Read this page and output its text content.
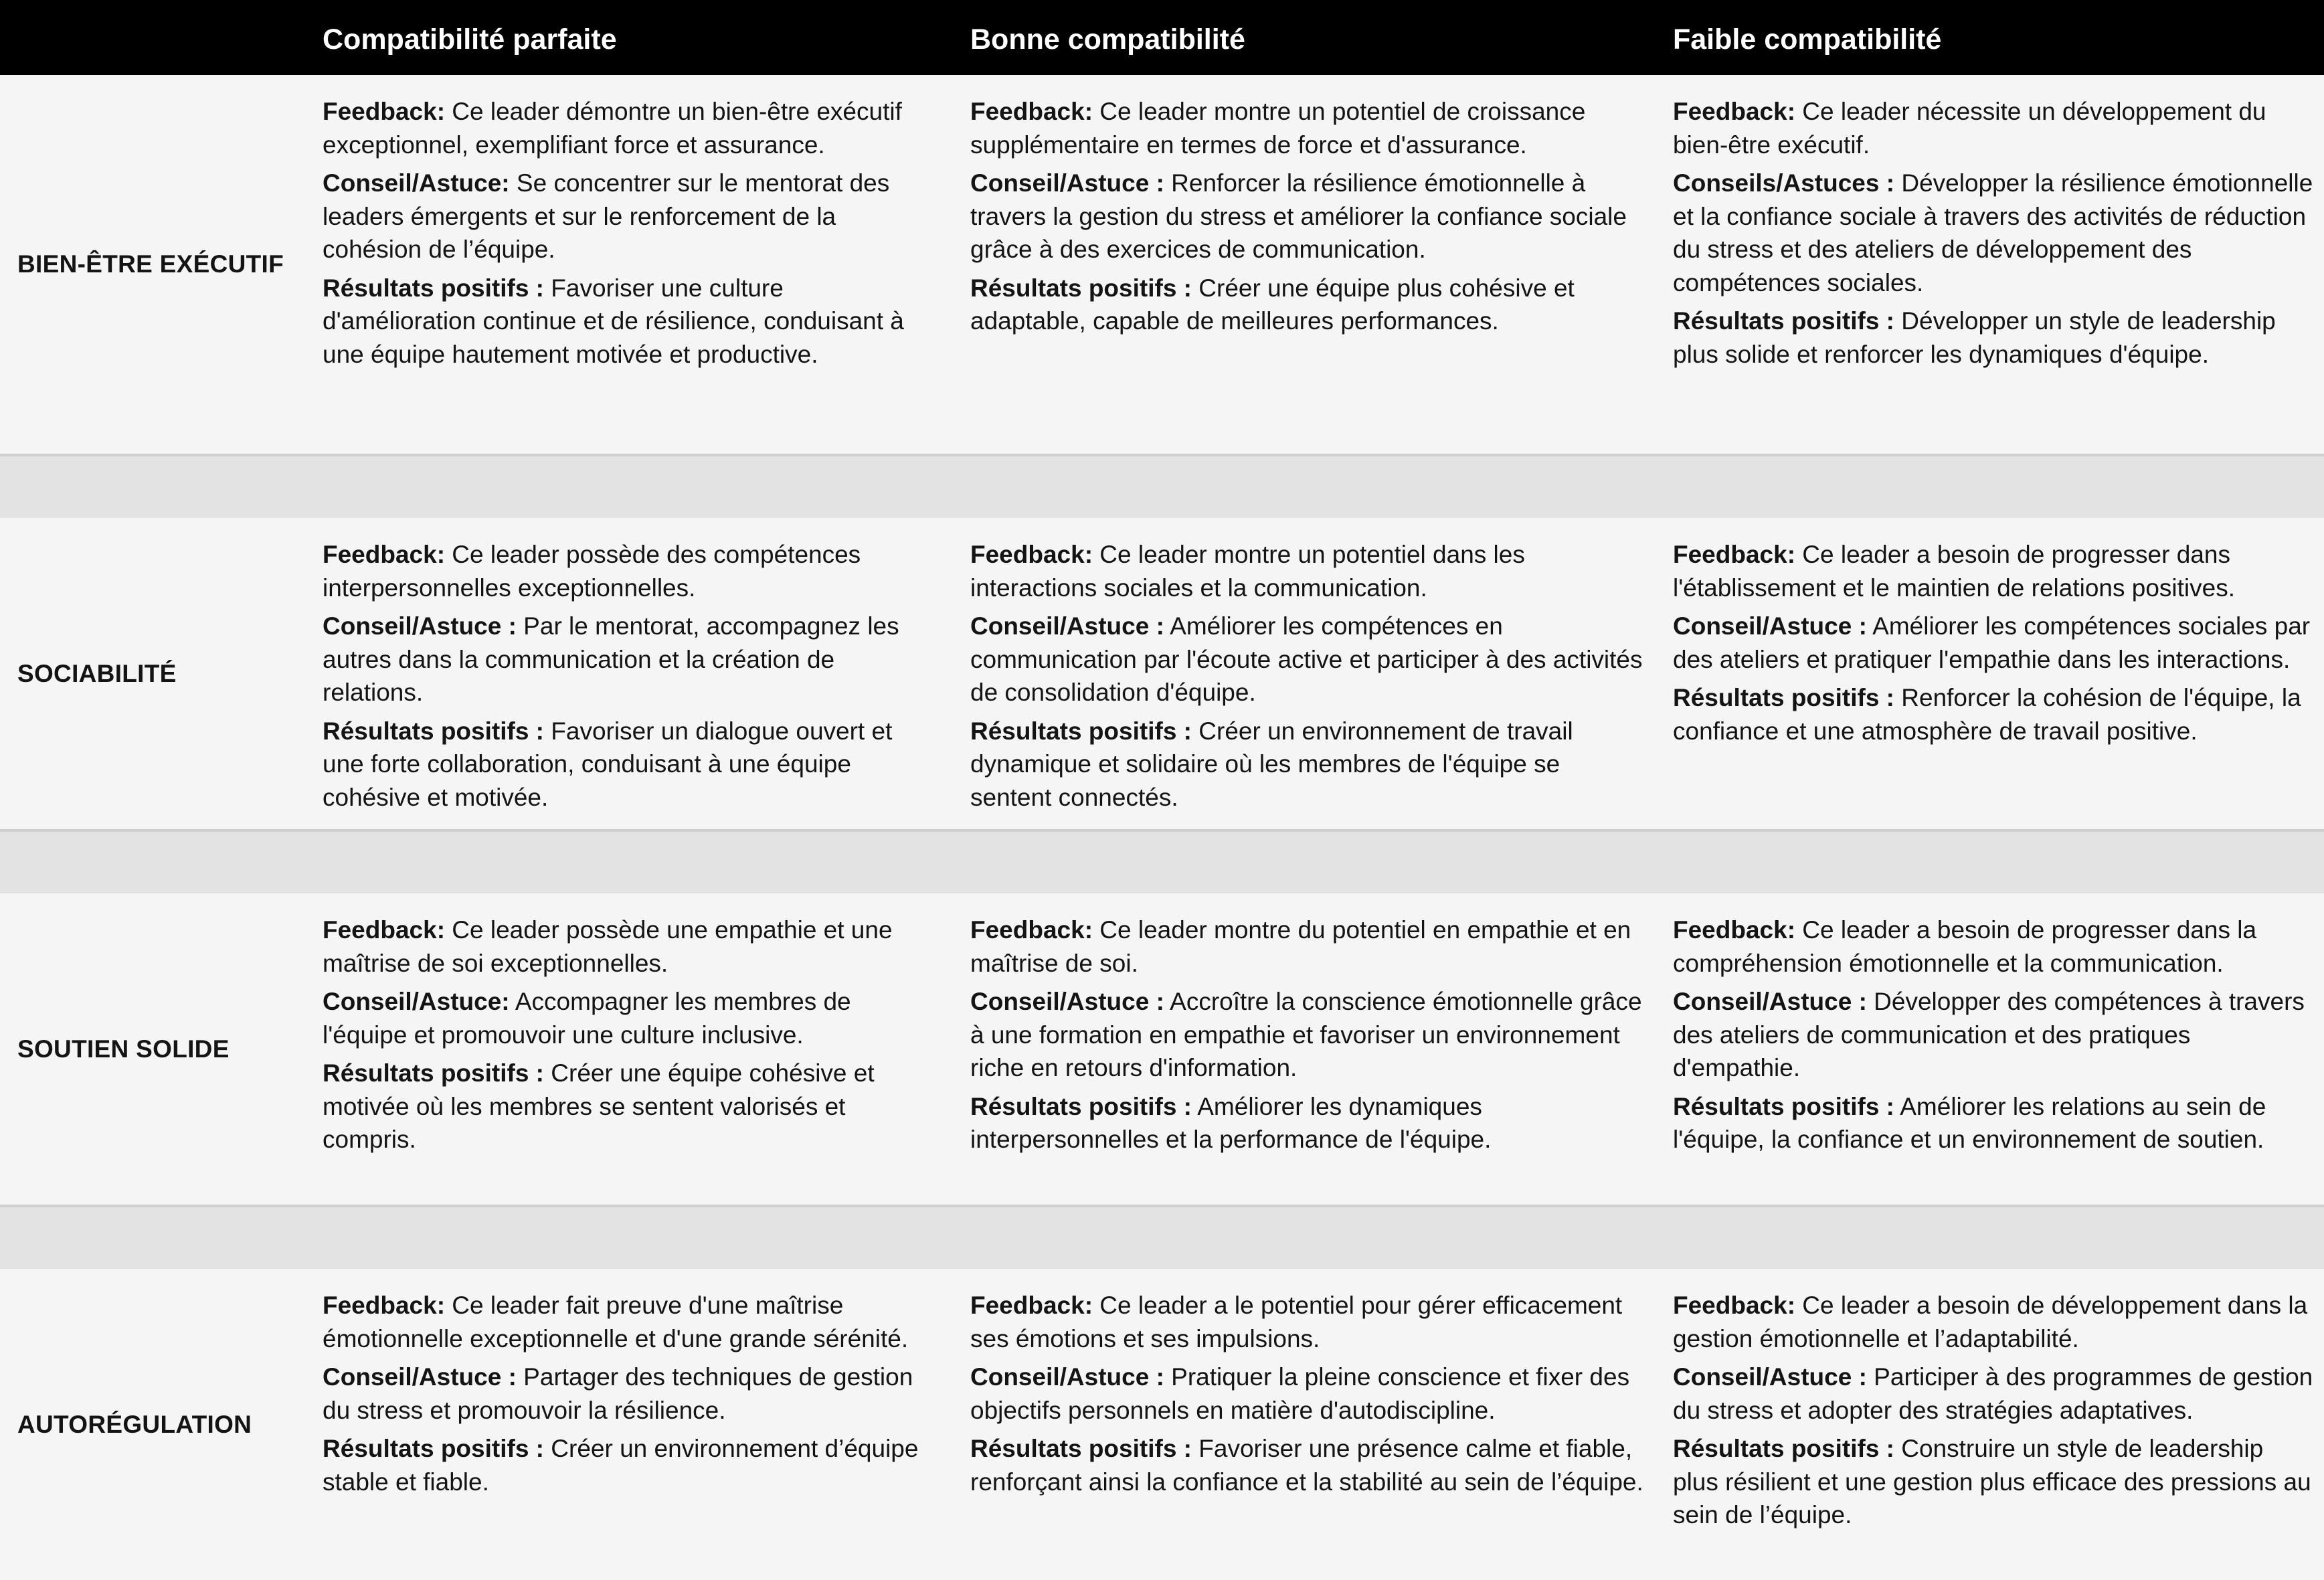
Compatibilité parfaite	Bonne compatibilité	Faible compatibilité
BIEN-ÊTRE EXÉCUTIF

Feedback: Ce leader démontre un bien-être exécutif exceptionnel, exemplifiant force et assurance.

Conseil/Astuce: Se concentrer sur le mentorat des leaders émergents et sur le renforcement de la cohésion de l’équipe.

Résultats positifs : Favoriser une culture d'amélioration continue et de résilience, conduisant à une équipe hautement motivée et productive.

Feedback: Ce leader montre un potentiel de croissance supplémentaire en termes de force et d'assurance.

Conseil/Astuce : Renforcer la résilience émotionnelle à travers la gestion du stress et améliorer la confiance sociale grâce à des exercices de communication.

Résultats positifs : Créer une équipe plus cohésive et adaptable, capable de meilleures performances.

Feedback: Ce leader nécessite un développement du bien-être exécutif.

Conseils/Astuces : Développer la résilience émotionnelle et la confiance sociale à travers des activités de réduction du stress et des ateliers de développement des compétences sociales.

Résultats positifs : Développer un style de leadership plus solide et renforcer les dynamiques d'équipe.

SOCIABILITÉ

Feedback: Ce leader possède des compétences interpersonnelles exceptionnelles.

Conseil/Astuce : Par le mentorat, accompagnez les autres dans la communication et la création de relations.

Résultats positifs : Favoriser un dialogue ouvert et une forte collaboration, conduisant à une équipe cohésive et motivée.

Feedback: Ce leader montre un potentiel dans les interactions sociales et la communication.

Conseil/Astuce : Améliorer les compétences en communication par l'écoute active et participer à des activités de consolidation d'équipe.

Résultats positifs : Créer un environnement de travail dynamique et solidaire où les membres de l'équipe se sentent connectés.

Feedback: Ce leader a besoin de progresser dans l'établissement et le maintien de relations positives.

Conseil/Astuce : Améliorer les compétences sociales par des ateliers et pratiquer l'empathie dans les interactions.

Résultats positifs : Renforcer la cohésion de l'équipe, la confiance et une atmosphère de travail positive.

SOUTIEN SOLIDE

Feedback: Ce leader possède une empathie et une maîtrise de soi exceptionnelles.

Conseil/Astuce: Accompagner les membres de l'équipe et promouvoir une culture inclusive.

Résultats positifs : Créer une équipe cohésive et motivée où les membres se sentent valorisés et compris.

Feedback: Ce leader montre du potentiel en empathie et en maîtrise de soi.

Conseil/Astuce : Accroître la conscience émotionnelle grâce à une formation en empathie et favoriser un environnement riche en retours d'information.

Résultats positifs : Améliorer les dynamiques interpersonnelles et la performance de l'équipe.

Feedback: Ce leader a besoin de progresser dans la compréhension émotionnelle et la communication.

Conseil/Astuce : Développer des compétences à travers des ateliers de communication et des pratiques d'empathie.

Résultats positifs : Améliorer les relations au sein de l'équipe, la confiance et un environnement de soutien.

AUTORÉGULATION

Feedback: Ce leader fait preuve d'une maîtrise émotionnelle exceptionnelle et d'une grande sérénité.

Conseil/Astuce : Partager des techniques de gestion du stress et promouvoir la résilience.

Résultats positifs : Créer un environnement d’équipe stable et fiable.

Feedback: Ce leader a le potentiel pour gérer efficacement ses émotions et ses impulsions.

Conseil/Astuce : Pratiquer la pleine conscience et fixer des objectifs personnels en matière d'autodiscipline.

Résultats positifs : Favoriser une présence calme et fiable, renforçant ainsi la confiance et la stabilité au sein de l’équipe.

Feedback: Ce leader a besoin de développement dans la gestion émotionnelle et l’adaptabilité.

Conseil/Astuce : Participer à des programmes de gestion du stress et adopter des stratégies adaptatives.

Résultats positifs : Construire un style de leadership plus résilient et une gestion plus efficace des pressions au sein de l’équipe.
